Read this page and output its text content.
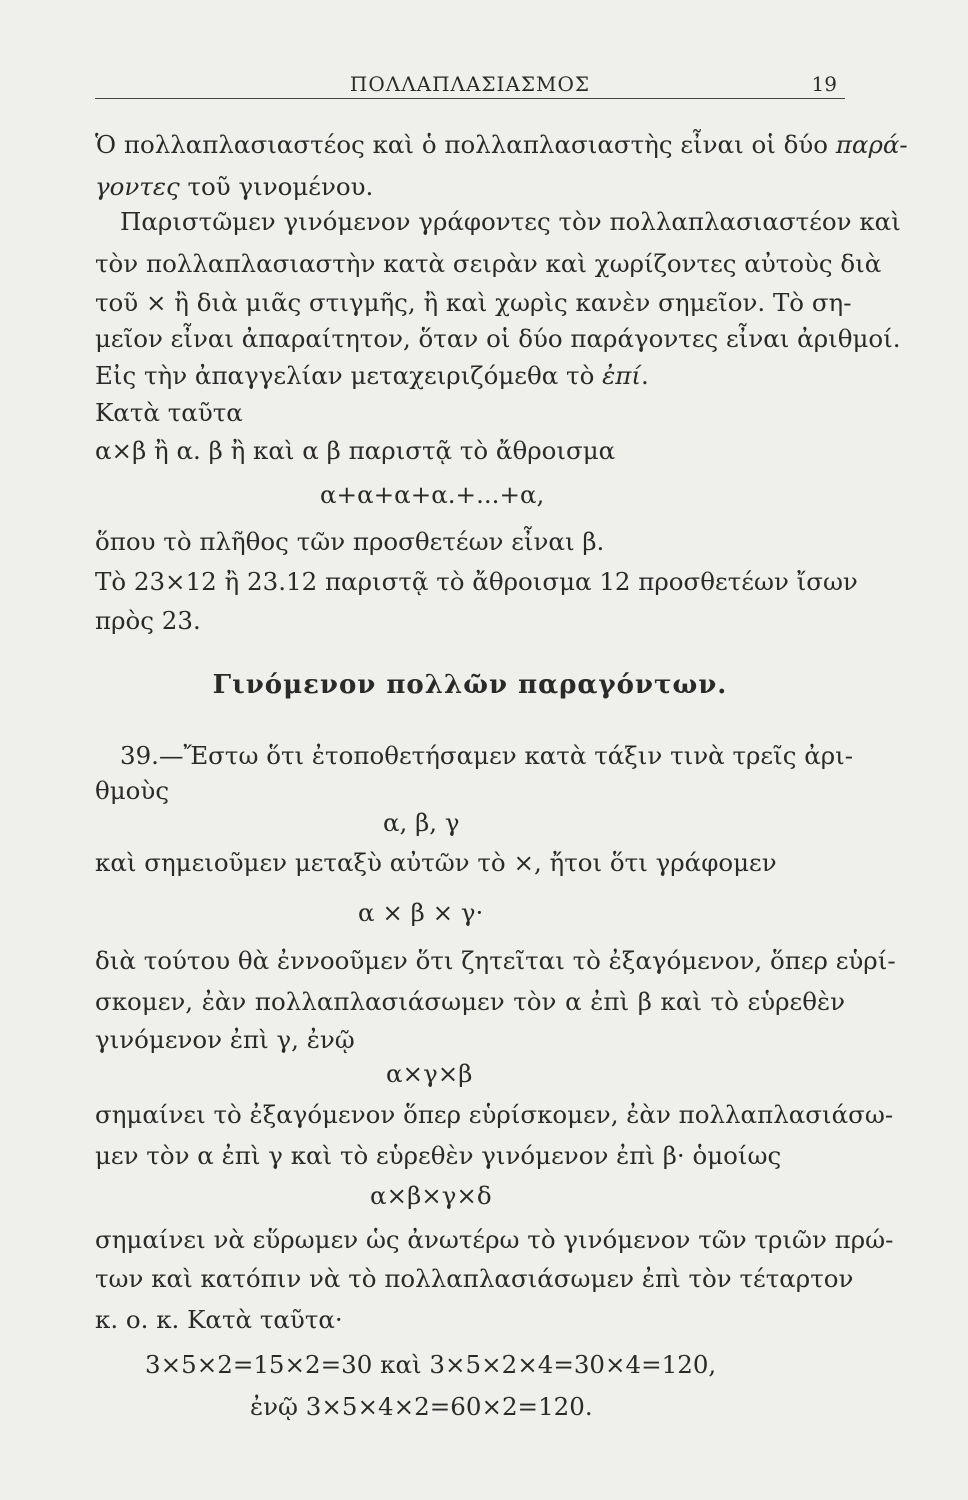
ΠΟΛΛΑΠΛΑΣΙΑΣΜΟΣ	19
Ὁ πολλαπλασιαστέος καὶ ὁ πολλαπλασιαστὴς εἶναι οἱ δύο παρά-
γοντες τοῦ γινομένου.
Παριστῶμεν γινόμενον γράφοντες τὸν πολλαπλασιαστέον καὶ
τὸν πολλαπλασιαστὴν κατὰ σειρὰν καὶ χωρίζοντες αὐτοὺς διὰ
τοῦ × ἢ διὰ μιᾶς στιγμῆς, ἢ καὶ χωρὶς κανὲν σημεῖον. Τὸ ση-
μεῖον εἶναι ἀπαραίτητον, ὅταν οἱ δύο παράγοντες εἶναι ἀριθμοί.
Εἰς τὴν ἀπαγγελίαν μεταχειριζόμεθα τὸ ἐπί.
Κατὰ ταῦτα
α×β ἢ α. β ἢ καὶ α β παριστᾷ τὸ ἄθροισμα
α+α+α+α.+...+α,
ὅπου τὸ πλῆθος τῶν προσθετέων εἶναι β.
Τὸ 23×12 ἢ 23.12 παριστᾷ τὸ ἄθροισμα 12 προσθετέων ἴσων
πρὸς 23.
Γινόμενον πολλῶν παραγόντων.
39.—Ἔστω ὅτι ἐτοποθετήσαμεν κατὰ τάξιν τινὰ τρεῖς ἀρι-
θμοὺς
α, β, γ
καὶ σημειοῦμεν μεταξὺ αὐτῶν τὸ ×, ἤτοι ὅτι γράφομεν
α × β × γ·
διὰ τούτου θὰ ἐννοοῦμεν ὅτι ζητεῖται τὸ ἐξαγόμενον, ὅπερ εὑρί-
σκομεν, ἐὰν πολλαπλασιάσωμεν τὸν α ἐπὶ β καὶ τὸ εὑρεθὲν
γινόμενον ἐπὶ γ, ἐνῷ
α×γ×β
σημαίνει τὸ ἐξαγόμενον ὅπερ εὑρίσκομεν, ἐὰν πολλαπλασιάσω-
μεν τὸν α ἐπὶ γ καὶ τὸ εὑρεθὲν γινόμενον ἐπὶ β· ὁμοίως
α×β×γ×δ
σημαίνει νὰ εὕρωμεν ὡς ἀνωτέρω τὸ γινόμενον τῶν τριῶν πρώ-
των καὶ κατόπιν νὰ τὸ πολλαπλασιάσωμεν ἐπὶ τὸν τέταρτον
κ. ο. κ. Κατὰ ταῦτα·
3×5×2=15×2=30 καὶ 3×5×2×4=30×4=120,
ἐνῷ 3×5×4×2=60×2=120.
